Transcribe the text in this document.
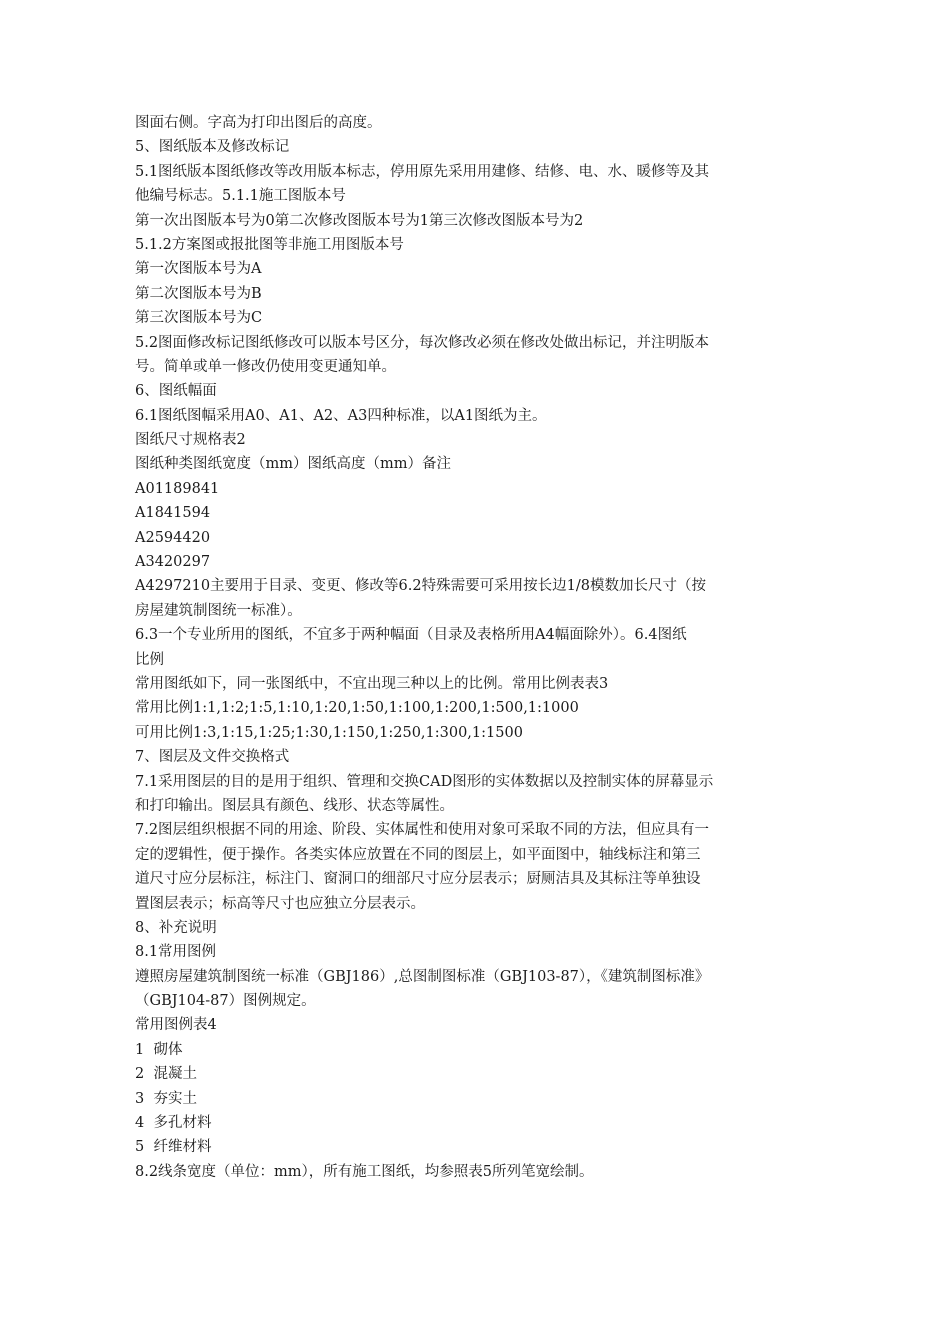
图面右侧。字高为打印出图后的高度。
5、图纸版本及修改标记
5.1图纸版本图纸修改等改用版本标志，停用原先采用用建修、结修、电、水、暖修等及其
他编号标志。5.1.1施工图版本号
第一次出图版本号为0第二次修改图版本号为1第三次修改图版本号为2
5.1.2方案图或报批图等非施工用图版本号
第一次图版本号为A
第二次图版本号为B
第三次图版本号为C
5.2图面修改标记图纸修改可以版本号区分，每次修改必须在修改处做出标记，并注明版本
号。简单或单一修改仍使用变更通知单。
6、图纸幅面
6.1图纸图幅采用A0、A1、A2、A3四种标准，以A1图纸为主。
图纸尺寸规格表2
图纸种类图纸宽度（mm）图纸高度（mm）备注
A01189841
A1841594
A2594420
A3420297
A4297210主要用于目录、变更、修改等6.2特殊需要可采用按长边1/8模数加长尺寸（按
房屋建筑制图统一标准）。
6.3一个专业所用的图纸，不宜多于两种幅面（目录及表格所用A4幅面除外）。6.4图纸
比例
常用图纸如下，同一张图纸中，不宜出现三种以上的比例。常用比例表表3
常用比例1:1,1:2;1:5,1:10,1:20,1:50,1:100,1:200,1:500,1:1000
可用比例1:3,1:15,1:25;1:30,1:150,1:250,1:300,1:1500
7、图层及文件交换格式
7.1采用图层的目的是用于组织、管理和交换CAD图形的实体数据以及控制实体的屏幕显示
和打印输出。图层具有颜色、线形、状态等属性。
7.2图层组织根据不同的用途、阶段、实体属性和使用对象可采取不同的方法，但应具有一
定的逻辑性，便于操作。各类实体应放置在不同的图层上，如平面图中，轴线标注和第三
道尺寸应分层标注，标注门、窗洞口的细部尺寸应分层表示；厨厕洁具及其标注等单独设
置图层表示；标高等尺寸也应独立分层表示。
8、补充说明
8.1常用图例
遵照房屋建筑制图统一标准（GBJ186）,总图制图标准（GBJ103-87），《建筑制图标准》
（GBJ104-87）图例规定。
常用图例表4
1  砌体
2  混凝土
3  夯实土
4  多孔材料
5  纤维材料
8.2线条宽度（单位：mm），所有施工图纸，均参照表5所列笔宽绘制。
